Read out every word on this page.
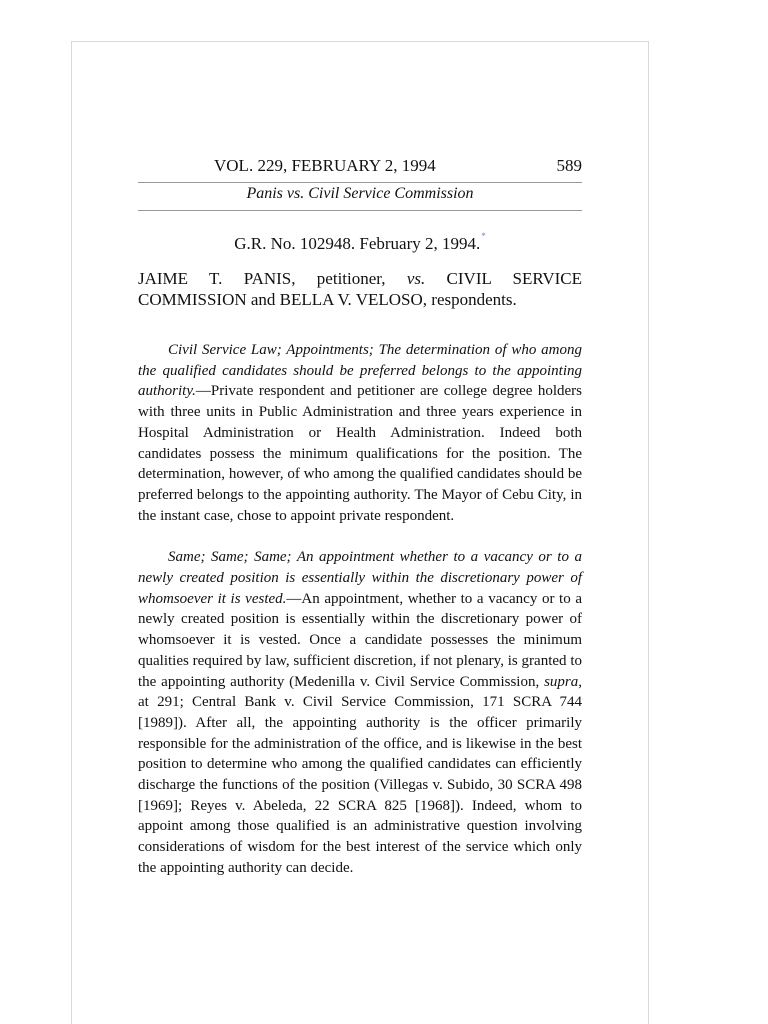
VOL. 229, FEBRUARY 2, 1994	589
Panis vs. Civil Service Commission
G.R. No. 102948. February 2, 1994.*
JAIME T. PANIS, petitioner, vs. CIVIL SERVICE COMMISSION and BELLA V. VELOSO, respondents.

Civil Service Law; Appointments; The determination of who among the qualified candidates should be preferred belongs to the appointing authority.—Private respondent and petitioner are college degree holders with three units in Public Administration and three years experience in Hospital Administration or Health Administration. Indeed both candidates possess the minimum qualifications for the position. The determination, however, of who among the qualified candidates should be preferred belongs to the appointing authority. The Mayor of Cebu City, in the instant case, chose to appoint private respondent.

Same; Same; Same; An appointment whether to a vacancy or to a newly created position is essentially within the discretionary power of whomsoever it is vested.—An appointment, whether to a vacancy or to a newly created position is essentially within the discretionary power of whomsoever it is vested. Once a candidate possesses the minimum qualities required by law, sufficient discretion, if not plenary, is granted to the appointing authority (Medenilla v. Civil Service Commission, supra, at 291; Central Bank v. Civil Service Commission, 171 SCRA 744 [1989]). After all, the appointing authority is the officer primarily responsible for the administration of the office, and is likewise in the best position to determine who among the qualified candidates can efficiently discharge the functions of the position (Villegas v. Subido, 30 SCRA 498 [1969]; Reyes v. Abeleda, 22 SCRA 825 [1968]). Indeed, whom to appoint among those qualified is an administrative question involving considerations of wisdom for the best interest of the service which only the appointing authority can decide.
